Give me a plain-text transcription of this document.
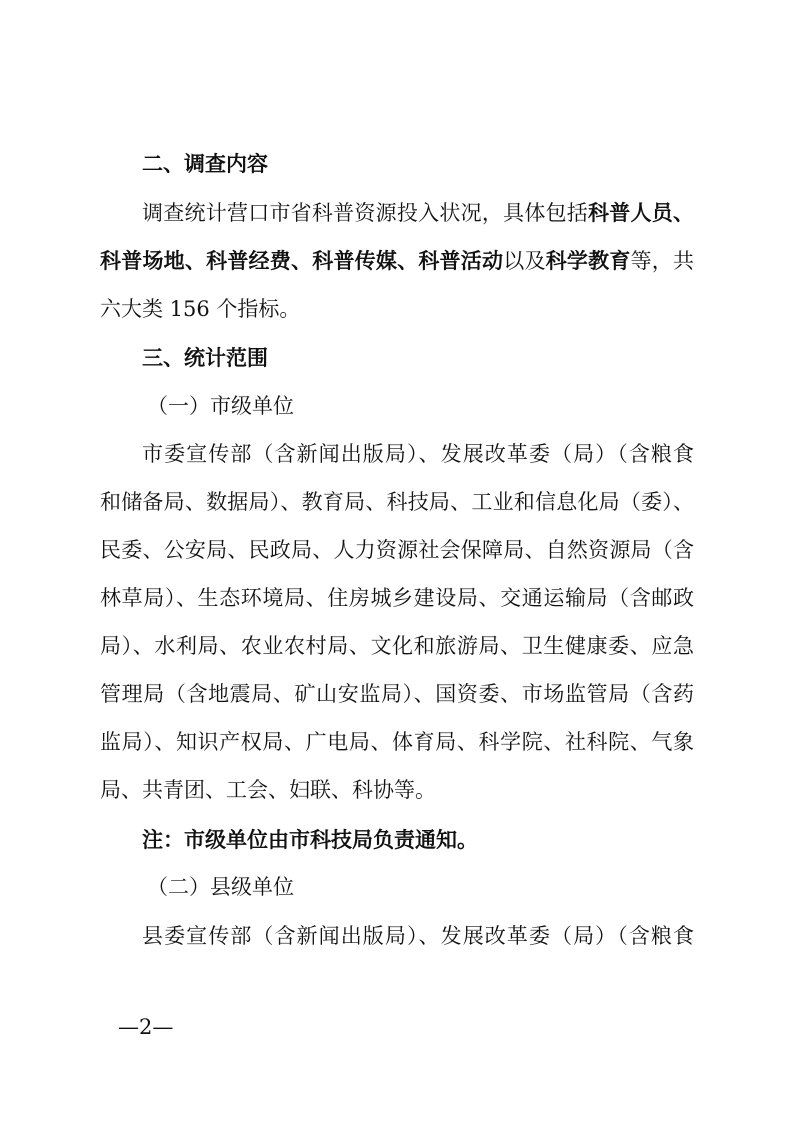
二、调查内容
调查统计营口市省科普资源投入状况，具体包括科普人员、
科普场地、科普经费、科普传媒、科普活动以及科学教育等，共
六大类 156 个指标。
三、统计范围
（一）市级单位
市委宣传部（含新闻出版局）、发展改革委（局）（含粮食
和储备局、数据局）、教育局、科技局、工业和信息化局（委）、
民委、公安局、民政局、人力资源社会保障局、自然资源局（含
林草局）、生态环境局、住房城乡建设局、交通运输局（含邮政
局）、水利局、农业农村局、文化和旅游局、卫生健康委、应急
管理局（含地震局、矿山安监局）、国资委、市场监管局（含药
监局）、知识产权局、广电局、体育局、科学院、社科院、气象
局、共青团、工会、妇联、科协等。
注：市级单位由市科技局负责通知。
（二）县级单位
县委宣传部（含新闻出版局）、发展改革委（局）（含粮食
—2—
